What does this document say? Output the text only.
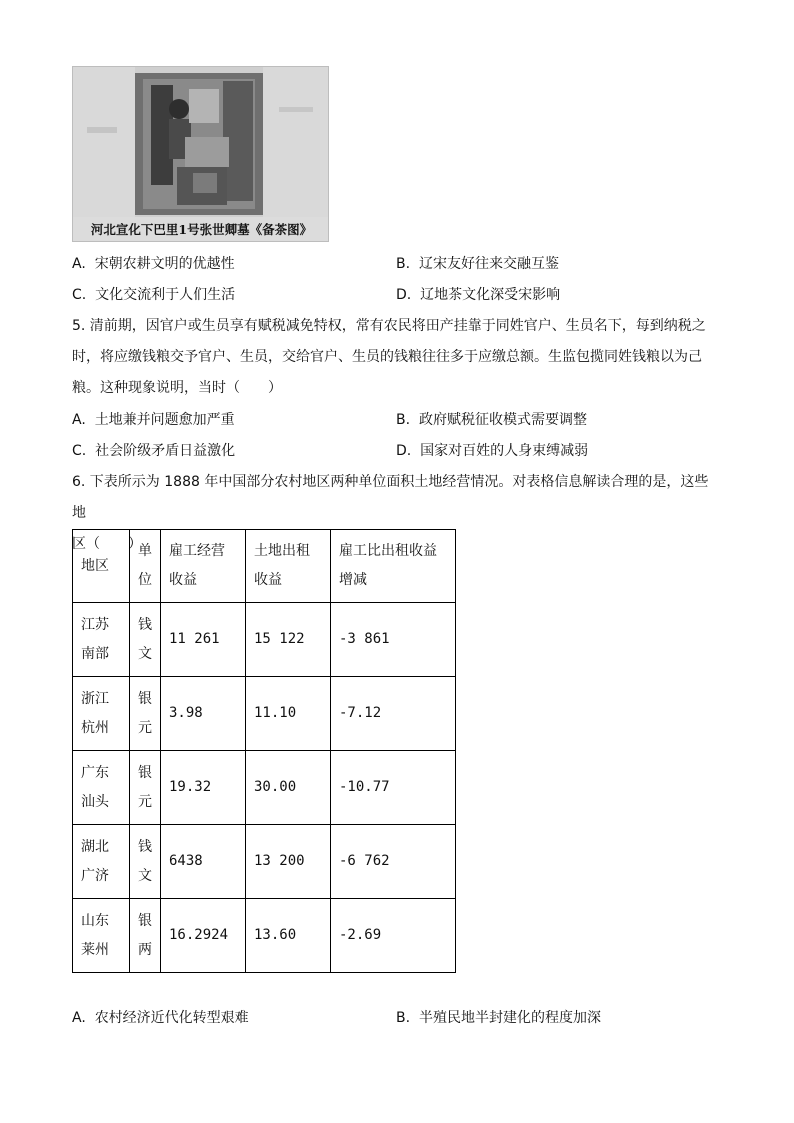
河北宣化下巴里1号张世卿墓《备茶图》
A. 宋朝农耕文明的优越性	B. 辽宋友好往来交融互鉴
C. 文化交流利于人们生活	D. 辽地茶文化深受宋影响

5. 清前期，因官户或生员享有赋税减免特权，常有农民将田产挂靠于同姓官户、生员名下，每到纳税之

时，将应缴钱粮交予官户、生员，交给官户、生员的钱粮往往多于应缴总额。生监包揽同姓钱粮以为己

粮。这种现象说明，当时（　　）

A. 土地兼并问题愈加严重	B. 政府赋税征收模式需要调整
C. 社会阶级矛盾日益激化	D. 国家对百姓的人身束缚减弱

6. 下表所示为 1888 年中国部分农村地区两种单位面积土地经营情况。对表格信息解读合理的是，这些地

区（　　）

地区	单位	雇工经营收益	土地出租收益	雇工比出租收益增减
江苏南部	钱文	11 261	15 122	-3 861
浙江杭州	银元	3.98	11.10	-7.12
广东汕头	银元	19.32	30.00	-10.77
湖北广济	钱文	6438	13 200	-6 762
山东莱州	银两	16.2924	13.60	-2.69
A. 农村经济近代化转型艰难	B. 半殖民地半封建化的程度加深
